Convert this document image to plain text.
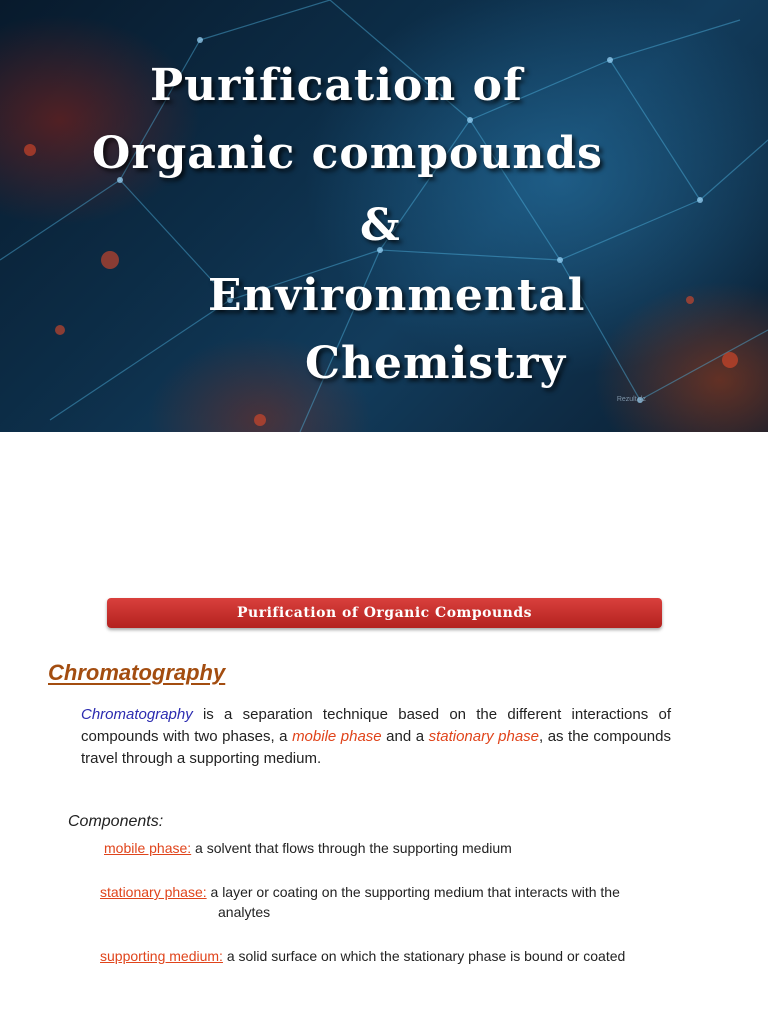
Purification of
Organic compounds
&
Environmental
Chemistry
Rezult.dz
Purification of Organic Compounds
Chromatography
Chromatography is a separation technique based on the different interactions of compounds with two phases, a mobile phase and a stationary phase, as the compounds travel through a supporting medium.
Components:
mobile phase: a solvent that flows through the supporting medium
stationary phase: a layer or coating on the supporting medium that interacts with the
analytes
supporting medium: a solid surface on which the stationary phase is bound or coated
